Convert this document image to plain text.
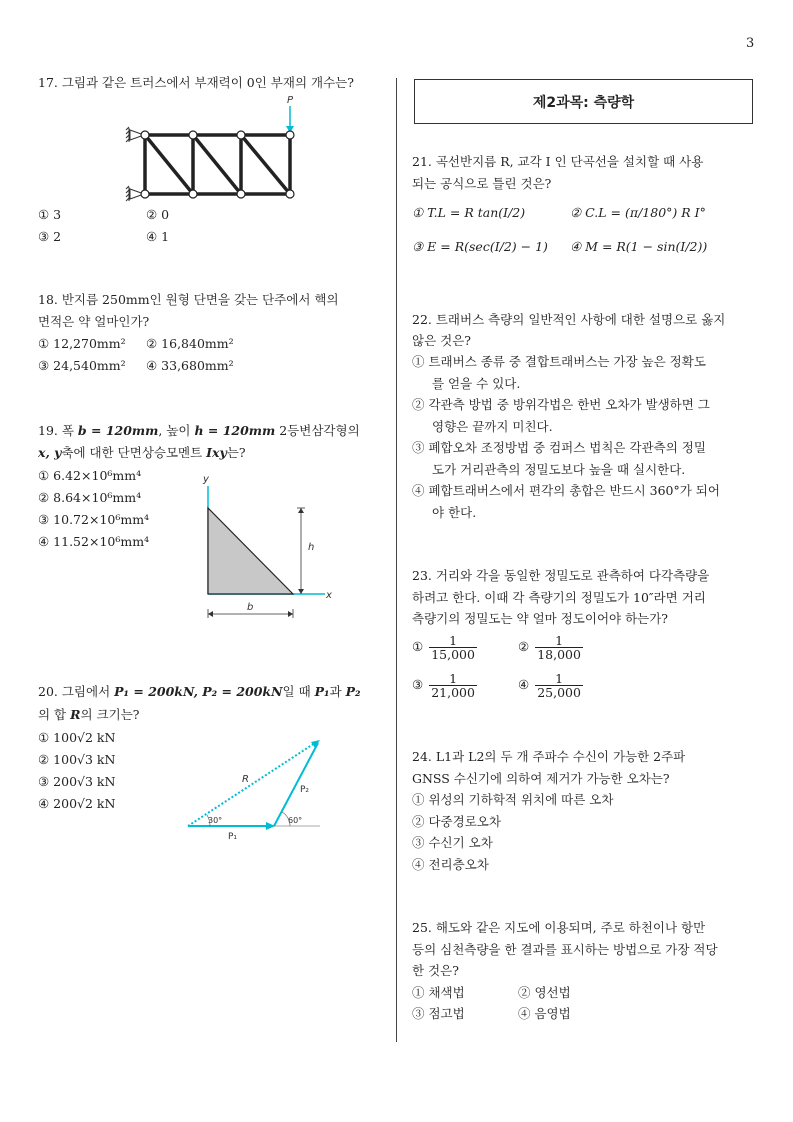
3
17. 그림과 같은 트러스에서 부재력이 0인 부재의 개수는?
P
① 3	② 0
③ 2	④ 1
18. 반지름 250mm인 원형 단면을 갖는 단주에서 핵의
면적은 약 얼마인가?
① 12,270mm² ② 16,840mm²
③ 24,540mm² ④ 33,680mm²
19. 폭 b = 120mm, 높이 h = 120mm 2등변삼각형의
x, y축에 대한 단면상승모멘트 Ixy는?
① 6.42×10⁶mm⁴
② 8.64×10⁶mm⁴
③ 10.72×10⁶mm⁴
④ 11.52×10⁶mm⁴
y
x
h
b
20. 그림에서 P₁ = 200kN, P₂ = 200kN일 때 P₁과 P₂
의 합 R의 크기는?
① 100√2 kN
② 100√3 kN
③ 200√3 kN
④ 200√2 kN
R
P₂
P₁
30°	60°
제2과목: 측량학
21. 곡선반지름 R, 교각 I 인 단곡선을 설치할 때 사용
되는 공식으로 틀린 것은?
① T.L = R tan(I/2)	② C.L = (π/180°) R I°
③ E = R(sec(I/2) − 1) ④ M = R(1 − sin(I/2))
22. 트래버스 측량의 일반적인 사항에 대한 설명으로 옳지
않은 것은?
① 트래버스 종류 중 결합트래버스는 가장 높은 정확도
를 얻을 수 있다.
② 각관측 방법 중 방위각법은 한번 오차가 발생하면 그
영향은 끝까지 미친다.
③ 폐합오차 조정방법 중 컴퍼스 법칙은 각관측의 정밀
도가 거리관측의 정밀도보다 높을 때 실시한다.
④ 폐합트래버스에서 편각의 총합은 반드시 360°가 되어
야 한다.
23. 거리와 각을 동일한 정밀도로 관측하여 다각측량을
하려고 한다. 이때 각 측량기의 정밀도가 10″라면 거리
측량기의 정밀도는 약 얼마 정도이어야 하는가?
① $\frac{1}{15,000}$	② $\frac{1}{18,000}$
③ $\frac{1}{21,000}$	④ $\frac{1}{25,000}$
24. L1과 L2의 두 개 주파수 수신이 가능한 2주파
GNSS 수신기에 의하여 제거가 가능한 오차는?
① 위성의 기하학적 위치에 따른 오차
② 다중경로오차
③ 수신기 오차
④ 전리층오차
25. 해도와 같은 지도에 이용되며, 주로 하천이나 항만
등의 심천측량을 한 결과를 표시하는 방법으로 가장 적당
한 것은?
① 채색법	② 영선법
③ 점고법	④ 음영법
